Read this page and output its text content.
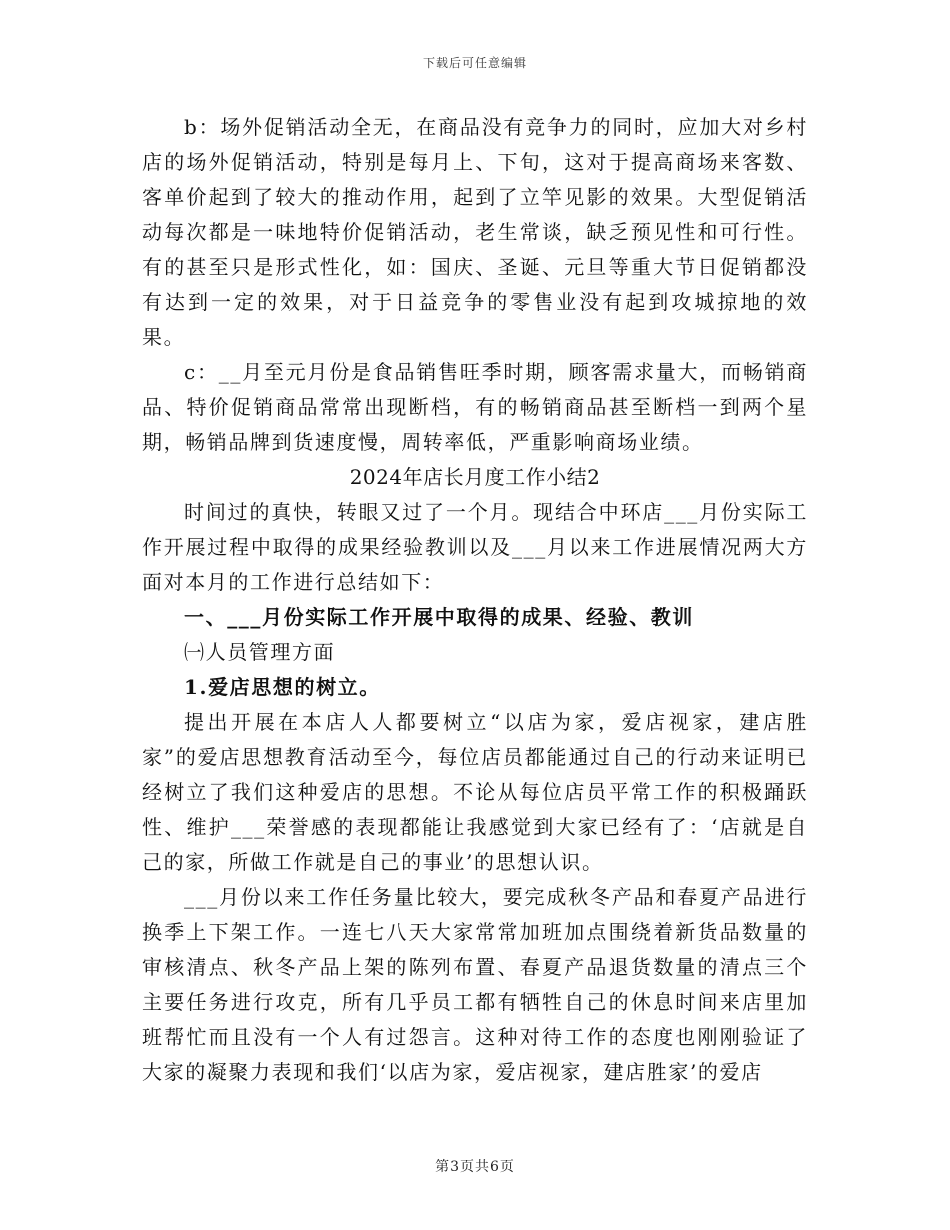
下载后可任意编辑

b：场外促销活动全无，在商品没有竞争力的同时，应加大对乡村店的场外促销活动，特别是每月上、下旬，这对于提高商场来客数、客单价起到了较大的推动作用，起到了立竿见影的效果。大型促销活动每次都是一味地特价促销活动，老生常谈，缺乏预见性和可行性。有的甚至只是形式性化，如：国庆、圣诞、元旦等重大节日促销都没有达到一定的效果，对于日益竞争的零售业没有起到攻城掠地的效果。

c：__月至元月份是食品销售旺季时期，顾客需求量大，而畅销商品、特价促销商品常常出现断档，有的畅销商品甚至断档一到两个星期，畅销品牌到货速度慢，周转率低，严重影响商场业绩。

2024年店长月度工作小结2

时间过的真快，转眼又过了一个月。现结合中环店___月份实际工作开展过程中取得的成果经验教训以及___月以来工作进展情况两大方面对本月的工作进行总结如下：

一、___月份实际工作开展中取得的成果、经验、教训

㈠人员管理方面

1.爱店思想的树立。

提出开展在本店人人都要树立“以店为家，爱店视家，建店胜家”的爱店思想教育活动至今，每位店员都能通过自己的行动来证明已经树立了我们这种爱店的思想。不论从每位店员平常工作的积极踊跃性、维护___荣誉感的表现都能让我感觉到大家已经有了：‘店就是自己的家，所做工作就是自己的事业’的思想认识。

___月份以来工作任务量比较大，要完成秋冬产品和春夏产品进行换季上下架工作。一连七八天大家常常加班加点围绕着新货品数量的审核清点、秋冬产品上架的陈列布置、春夏产品退货数量的清点三个主要任务进行攻克，所有几乎员工都有牺牲自己的休息时间来店里加班帮忙而且没有一个人有过怨言。这种对待工作的态度也刚刚验证了大家的凝聚力表现和我们‘以店为家，爱店视家，建店胜家’的爱店

第3页共6页
